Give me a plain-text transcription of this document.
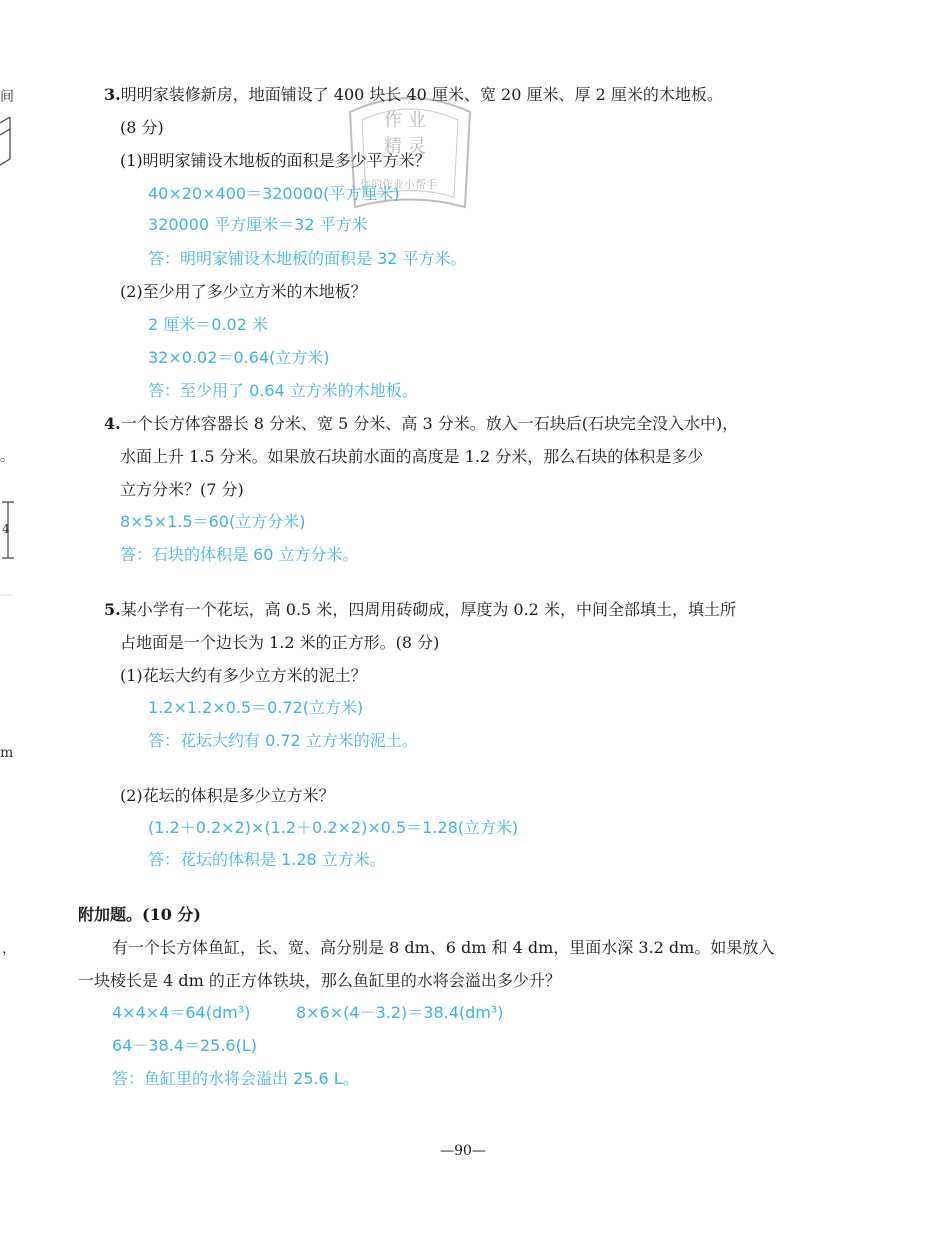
间
。
4
m
，
作业
精灵
你的作业小帮手
3.明明家装修新房，地面铺设了 400 块长 40 厘米、宽 20 厘米、厚 2 厘米的木地板。
(8 分)
(1)明明家铺设木地板的面积是多少平方米？
40×20×400＝320000(平方厘米)
320000 平方厘米＝32 平方米
答：明明家铺设木地板的面积是 32 平方米。
(2)至少用了多少立方米的木地板？
2 厘米＝0.02 米
32×0.02＝0.64(立方米)
答：至少用了 0.64 立方米的木地板。
4.一个长方体容器长 8 分米、宽 5 分米、高 3 分米。放入一石块后(石块完全没入水中)，
水面上升 1.5 分米。如果放石块前水面的高度是 1.2 分米，那么石块的体积是多少
立方分米？(7 分)
8×5×1.5＝60(立方分米)
答：石块的体积是 60 立方分米。
5.某小学有一个花坛，高 0.5 米，四周用砖砌成，厚度为 0.2 米，中间全部填土，填土所
占地面是一个边长为 1.2 米的正方形。(8 分)
(1)花坛大约有多少立方米的泥土？
1.2×1.2×0.5＝0.72(立方米)
答：花坛大约有 0.72 立方米的泥土。
(2)花坛的体积是多少立方米？
(1.2＋0.2×2)×(1.2＋0.2×2)×0.5＝1.28(立方米)
答：花坛的体积是 1.28 立方米。
附加题。(10 分)
有一个长方体鱼缸，长、宽、高分别是 8 dm、6 dm 和 4 dm，里面水深 3.2 dm。如果放入
一块棱长是 4 dm 的正方体铁块，那么鱼缸里的水将会溢出多少升？
4×4×4＝64(dm³)	8×6×(4－3.2)＝38.4(dm³)
64－38.4＝25.6(L)
答：鱼缸里的水将会溢出 25.6 L。
—90—
